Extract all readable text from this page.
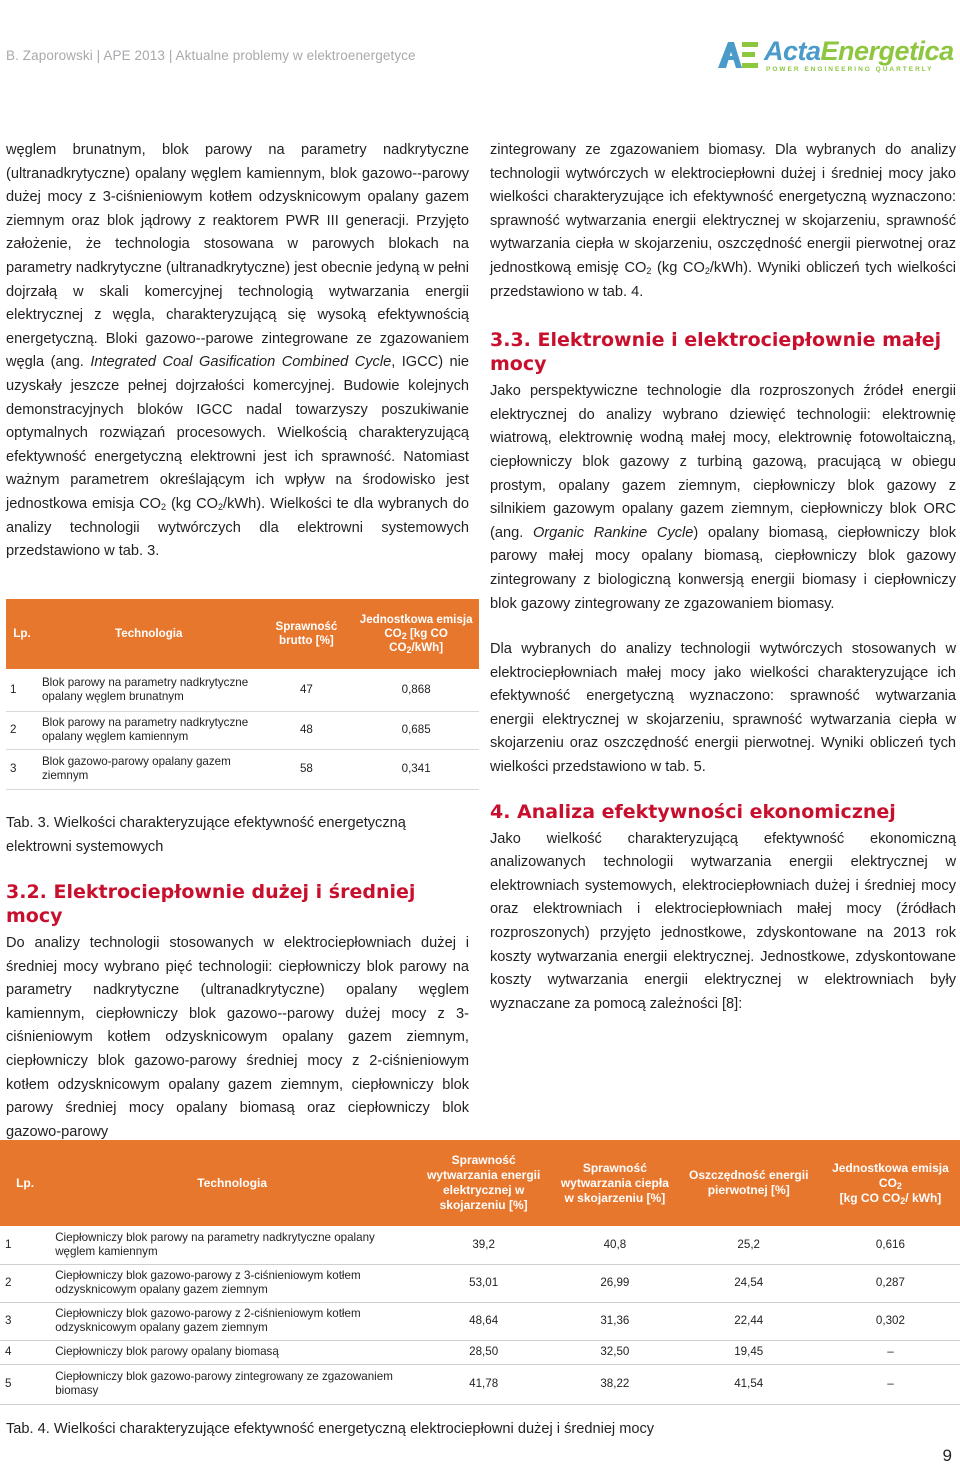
B. Zaporowski | APE 2013 | Aktualne problemy w elektroenergetyce	ActaEnergetica
POWER ENGINEERING QUARTERLY

węglem brunatnym, blok parowy na parametry nadkrytyczne (ultranadkrytyczne) opalany węglem kamiennym, blok gazowo--parowy dużej mocy z 3-ciśnieniowym kotłem odzysknicowym opalany gazem ziemnym oraz blok jądrowy z reaktorem PWR III generacji. Przyjęto założenie, że technologia stosowana w parowych blokach na parametry nadkrytyczne (ultranadkrytyczne) jest obecnie jedyną w pełni dojrzałą w skali komercyjnej technologią wytwarzania energii elektrycznej z węgla, charakteryzującą się wysoką efektywnością energetyczną. Bloki gazowo--parowe zintegrowane ze zgazowaniem węgla (ang. Integrated Coal Gasification Combined Cycle, IGCC) nie uzyskały jeszcze pełnej dojrzałości komercyjnej. Budowie kolejnych demonstracyjnych bloków IGCC nadal towarzyszy poszukiwanie optymalnych rozwiązań procesowych. Wielkością charakteryzującą efektywność energetyczną elektrowni jest ich sprawność. Natomiast ważnym parametrem określającym ich wpływ na środowisko jest jednostkowa emisja $CO_2$ (kg $CO_2/kWh$). Wielkości te dla wybranych do analizy technologii wytwórczych dla elektrowni systemowych przedstawiono w tab. 3.

Lp.	Technologia	Sprawność brutto [%]	Jednostkowa emisja $CO_2$ [kg CO $CO_2/kWh$]
1	Blok parowy na parametry nadkrytyczne opalany węglem brunatnym	47	0,868
2	Blok parowy na parametry nadkrytyczne opalany węglem kamiennym	48	0,685
3	Blok gazowo-parowy opalany gazem ziemnym	58	0,341
Tab. 3. Wielkości charakteryzujące efektywność energetyczną elektrowni systemowych
3.2. Elektrociepłownie dużej i średniej mocy

Do analizy technologii stosowanych w elektrociepłowniach dużej i średniej mocy wybrano pięć technologii: ciepłowniczy blok parowy na parametry nadkrytyczne (ultranadkrytyczne) opalany węglem kamiennym, ciepłowniczy blok gazowo--parowy dużej mocy z 3-ciśnieniowym kotłem odzysknicowym opalany gazem ziemnym, ciepłowniczy blok gazowo-parowy średniej mocy z 2-ciśnieniowym kotłem odzysknicowym opalany gazem ziemnym, ciepłowniczy blok parowy średniej mocy opalany biomasą oraz ciepłowniczy blok gazowo-parowy

zintegrowany ze zgazowaniem biomasy. Dla wybranych do analizy technologii wytwórczych w elektrociepłowni dużej i średniej mocy jako wielkości charakteryzujące ich efektywność energetyczną wyznaczono: sprawność wytwarzania energii elektrycznej w skojarzeniu, sprawność wytwarzania ciepła w skojarzeniu, oszczędność energii pierwotnej oraz jednostkową emisję $CO_2$ (kg $CO_2/kWh$). Wyniki obliczeń tych wielkości przedstawiono w tab. 4.

3.3. Elektrownie i elektrociepłownie małej mocy

Jako perspektywiczne technologie dla rozproszonych źródeł energii elektrycznej do analizy wybrano dziewięć technologii: elektrownię wiatrową, elektrownię wodną małej mocy, elektrownię fotowoltaiczną, ciepłowniczy blok gazowy z turbiną gazową, pracującą w obiegu prostym, opalany gazem ziemnym, ciepłowniczy blok gazowy z silnikiem gazowym opalany gazem ziemnym, ciepłowniczy blok ORC (ang. Organic Rankine Cycle) opalany biomasą, ciepłowniczy blok parowy małej mocy opalany biomasą, ciepłowniczy blok gazowy zintegrowany z biologiczną konwersją energii biomasy i ciepłowniczy blok gazowy zintegrowany ze zgazowaniem biomasy.

Dla wybranych do analizy technologii wytwórczych stosowanych w elektrociepłowniach małej mocy jako wielkości charakteryzujące ich efektywność energetyczną wyznaczono: sprawność wytwarzania energii elektrycznej w skojarzeniu, sprawność wytwarzania ciepła w skojarzeniu oraz oszczędność energii pierwotnej. Wyniki obliczeń tych wielkości przedstawiono w tab. 5.

4. Analiza efektywności ekonomicznej

Jako wielkość charakteryzującą efektywność ekonomiczną analizowanych technologii wytwarzania energii elektrycznej w elektrowniach systemowych, elektrociepłowniach dużej i średniej mocy oraz elektrowniach i elektrociepłowniach małej mocy (źródłach rozproszonych) przyjęto jednostkowe, zdyskontowane na 2013 rok koszty wytwarzania energii elektrycznej. Jednostkowe, zdyskontowane koszty wytwarzania energii elektrycznej w elektrowniach były wyznaczane za pomocą zależności [8]:

Lp.	Technologia	Sprawność wytwarzania energii elektrycznej w skojarzeniu [%]	Sprawność wytwarzania ciepła w skojarzeniu [%]	Oszczędność energii pierwotnej [%]	Jednostkowa emisja $CO_2$
[kg CO $CO_2/$ kWh]
1	Ciepłowniczy blok parowy na parametry nadkrytyczne opalany węglem kamiennym	39,2	40,8	25,2	0,616
2	Ciepłowniczy blok gazowo-parowy z 3-ciśnieniowym kotłem odzysknicowym opalany gazem ziemnym	53,01	26,99	24,54	0,287
3	Ciepłowniczy blok gazowo-parowy z 2-ciśnieniowym kotłem odzysknicowym opalany gazem ziemnym	48,64	31,36	22,44	0,302
4	Ciepłowniczy blok parowy opalany biomasą	28,50	32,50	19,45	–
5	Ciepłowniczy blok gazowo-parowy zintegrowany ze zgazowaniem biomasy	41,78	38,22	41,54	–
Tab. 4. Wielkości charakteryzujące efektywność energetyczną elektrociepłowni dużej i średniej mocy
9
